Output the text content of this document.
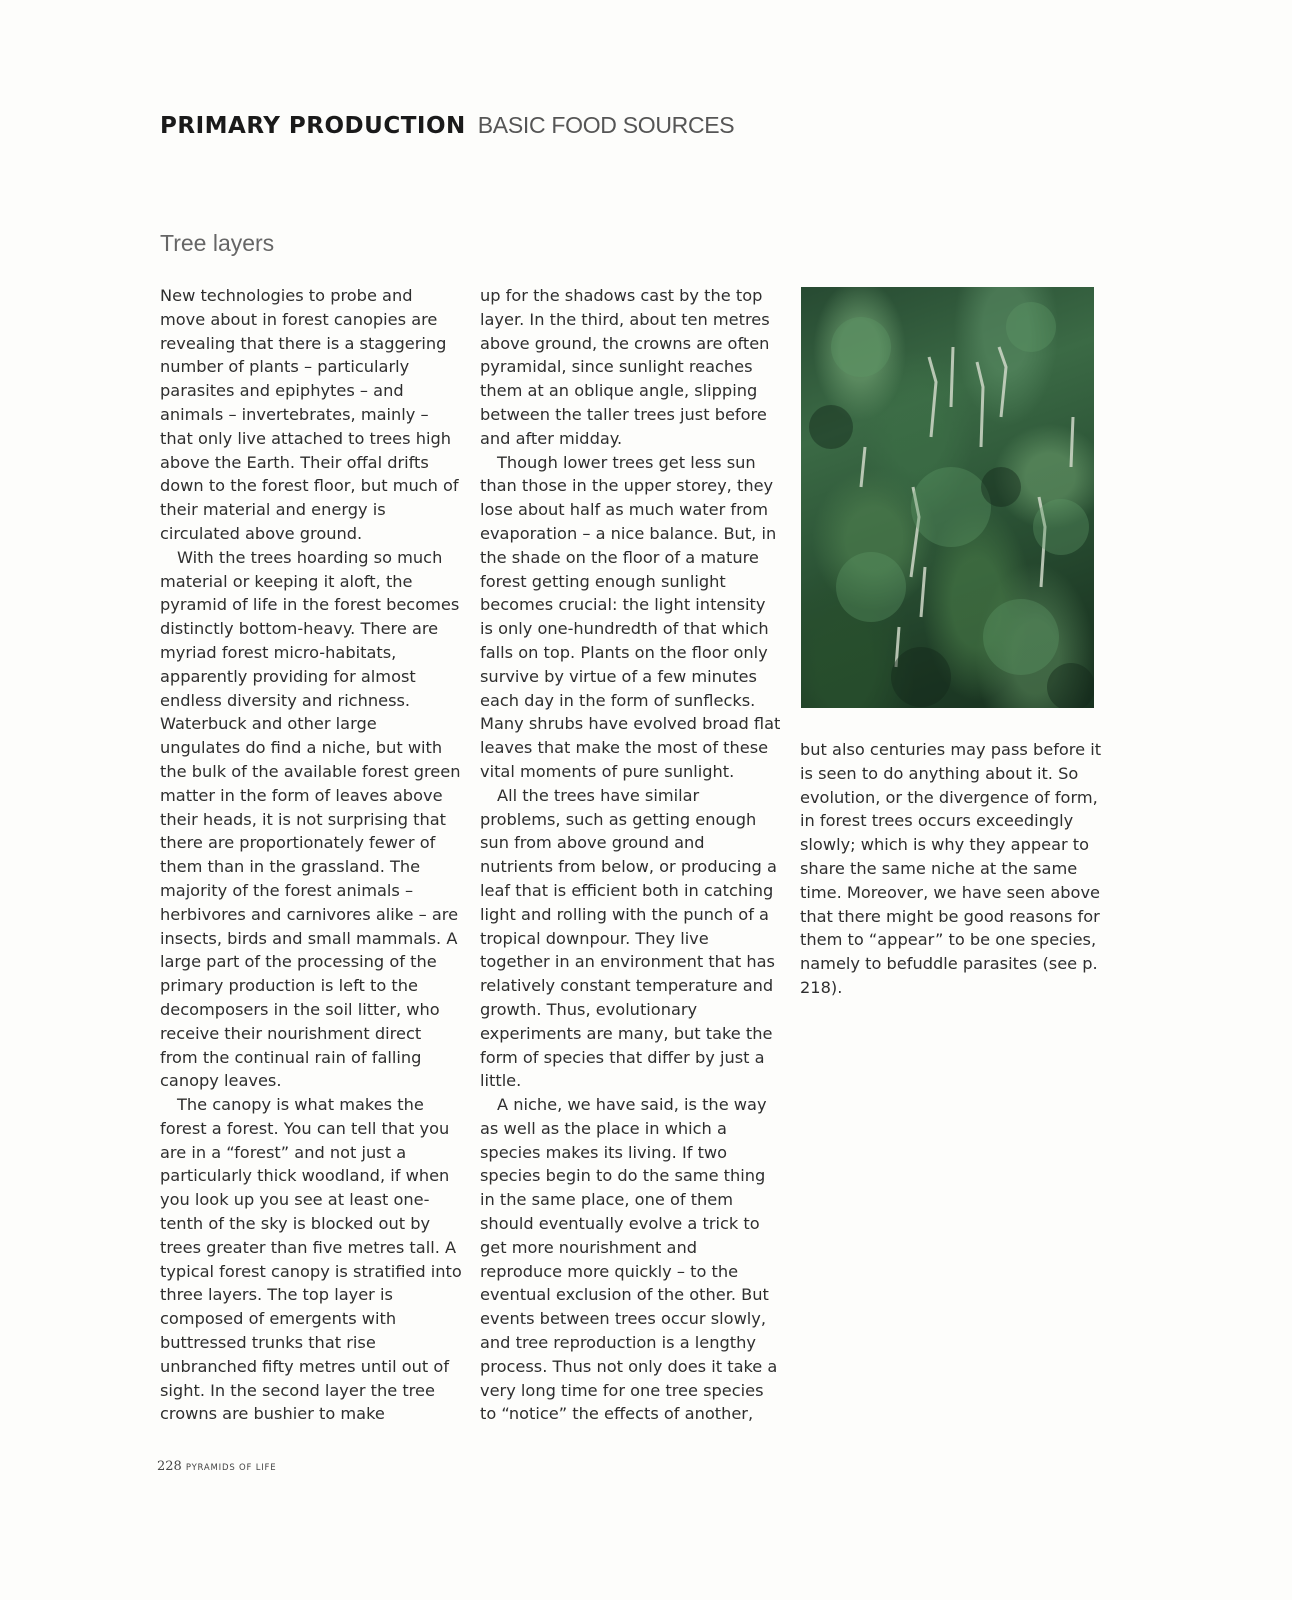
PRIMARY PRODUCTION BASIC FOOD SOURCES
Tree layers

New technologies to probe and move about in forest canopies are revealing that there is a staggering number of plants – particularly parasites and epiphytes – and animals – invertebrates, mainly – that only live attached to trees high above the Earth. Their offal drifts down to the forest floor, but much of their material and energy is circulated above ground.

With the trees hoarding so much material or keeping it aloft, the pyramid of life in the forest becomes distinctly bottom-heavy. There are myriad forest micro-habitats, apparently providing for almost endless diversity and richness. Waterbuck and other large ungulates do find a niche, but with the bulk of the available forest green matter in the form of leaves above their heads, it is not surprising that there are proportionately fewer of them than in the grassland. The majority of the forest animals – herbivores and carnivores alike – are insects, birds and small mammals. A large part of the processing of the primary production is left to the decomposers in the soil litter, who receive their nourishment direct from the continual rain of falling canopy leaves.

The canopy is what makes the forest a forest. You can tell that you are in a “forest” and not just a particularly thick woodland, if when you look up you see at least one-tenth of the sky is blocked out by trees greater than five metres tall. A typical forest canopy is stratified into three layers. The top layer is composed of emergents with buttressed trunks that rise unbranched fifty metres until out of sight. In the second layer the tree crowns are bushier to make

up for the shadows cast by the top layer. In the third, about ten metres above ground, the crowns are often pyramidal, since sunlight reaches them at an oblique angle, slipping between the taller trees just before and after midday.

Though lower trees get less sun than those in the upper storey, they lose about half as much water from evaporation – a nice balance. But, in the shade on the floor of a mature forest getting enough sunlight becomes crucial: the light intensity is only one-hundredth of that which falls on top. Plants on the floor only survive by virtue of a few minutes each day in the form of sunflecks. Many shrubs have evolved broad flat leaves that make the most of these vital moments of pure sunlight.

All the trees have similar problems, such as getting enough sun from above ground and nutrients from below, or producing a leaf that is efficient both in catching light and rolling with the punch of a tropical downpour. They live together in an environment that has relatively constant temperature and growth. Thus, evolutionary experiments are many, but take the form of species that differ by just a little.

A niche, we have said, is the way as well as the place in which a species makes its living. If two species begin to do the same thing in the same place, one of them should eventually evolve a trick to get more nourishment and reproduce more quickly – to the eventual exclusion of the other. But events between trees occur slowly, and tree reproduction is a lengthy process. Thus not only does it take a very long time for one tree species to “notice” the effects of another,

but also centuries may pass before it is seen to do anything about it. So evolution, or the divergence of form, in forest trees occurs exceedingly slowly; which is why they appear to share the same niche at the same time. Moreover, we have seen above that there might be good reasons for them to “appear” to be one species, namely to befuddle parasites (see p. 218).

228 PYRAMIDS OF LIFE
